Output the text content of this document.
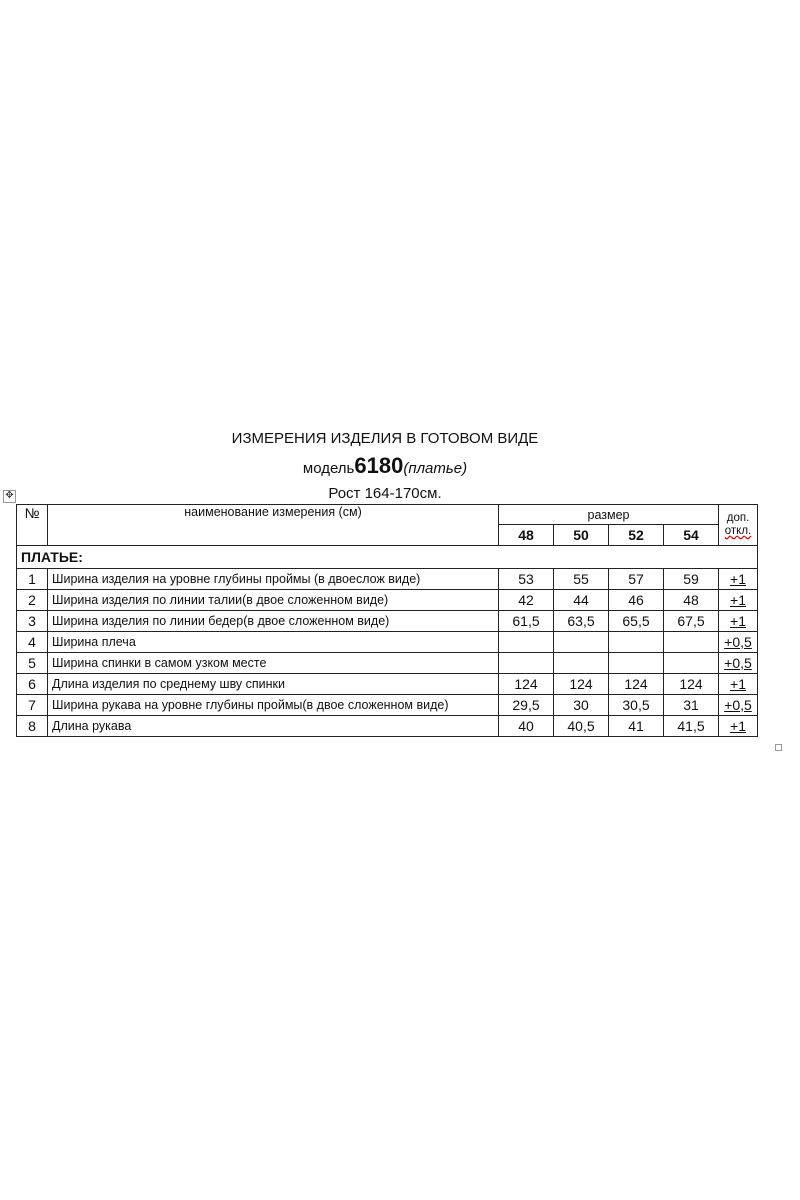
ИЗМЕРЕНИЯ ИЗДЕЛИЯ В ГОТОВОМ ВИДЕ
модель6180(платье)
Рост 164-170см.
✥
№	наименование измерения (см)	размер				доп.
откл.
		48	50	52	54	
ПЛАТЬЕ:						
1	Ширина изделия на уровне глубины проймы (в двоеслож виде)	53	55	57	59	+1
2	Ширина изделия по линии талии(в двое сложенном виде)	42	44	46	48	+1
3	Ширина изделия по линии бедер(в двое сложенном виде)	61,5	63,5	65,5	67,5	+1
4	Ширина плеча					+0,5
5	Ширина спинки в самом узком месте					+0,5
6	Длина изделия по среднему шву спинки	124	124	124	124	+1
7	Ширина рукава на уровне глубины проймы(в двое сложенном виде)	29,5	30	30,5	31	+0,5
8	Длина рукава	40	40,5	41	41,5	+1
